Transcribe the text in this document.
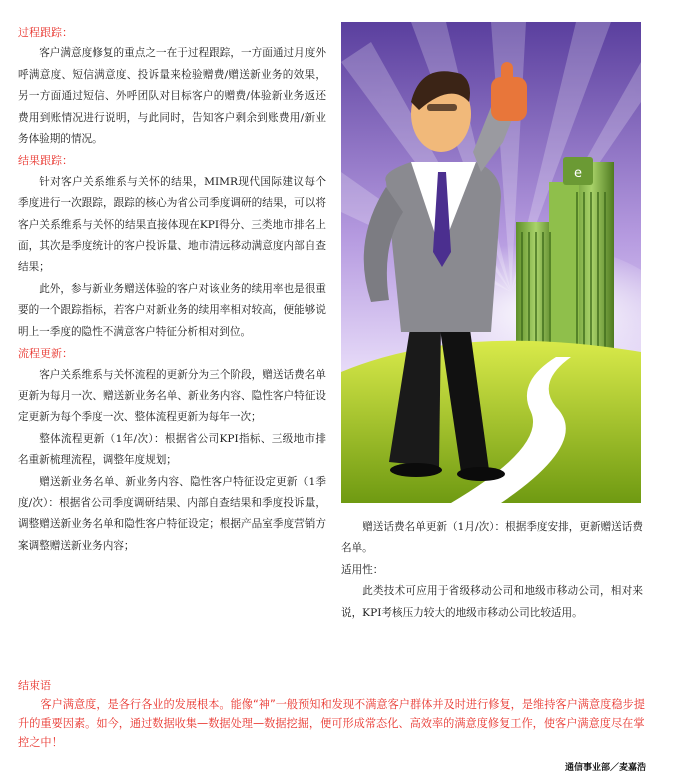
过程跟踪：

客户满意度修复的重点之一在于过程跟踪，一方面通过月度外呼满意度、短信满意度、投诉量来检验赠费/赠送新业务的效果，另一方面通过短信、外呼团队对目标客户的赠费/体验新业务返还费用到账情况进行说明，与此同时，告知客户剩余到账费用/新业务体验期的情况。

结果跟踪：

针对客户关系维系与关怀的结果，MIMR现代国际建议每个季度进行一次跟踪，跟踪的核心为省公司季度调研的结果，可以将客户关系维系与关怀的结果直接体现在KPI得分、三类地市排名上面，其次是季度统计的客户投诉量、地市清远移动满意度内部自查结果；

此外，参与新业务赠送体验的客户对该业务的续用率也是很重要的一个跟踪指标，若客户对新业务的续用率相对较高，便能够说明上一季度的隐性不满意客户特征分析相对到位。

流程更新：

客户关系维系与关怀流程的更新分为三个阶段，赠送话费名单更新为每月一次、赠送新业务名单、新业务内容、隐性客户特征设定更新为每个季度一次、整体流程更新为每年一次；

整体流程更新（1年/次）：根据省公司KPI指标、三级地市排名重新梳理流程，调整年度规划；

赠送新业务名单、新业务内容、隐性客户特征设定更新（1季度/次）：根据省公司季度调研结果、内部自查结果和季度投诉量，调整赠送新业务名单和隐性客户特征设定；根据产品室季度营销方案调整赠送新业务内容；

e

赠送话费名单更新（1月/次）：根据季度安排，更新赠送话费名单。

适用性：

此类技术可应用于省级移动公司和地级市移动公司，相对来说，KPI考核压力较大的地级市移动公司比较适用。

结束语

客户满意度，是各行各业的发展根本。能像“神”一般预知和发现不满意客户群体并及时进行修复，是维持客户满意度稳步提升的重要因素。如今，通过数据收集—数据处理—数据挖掘，便可形成常态化、高效率的满意度修复工作，使客户满意度尽在掌控之中！

通信事业部／麦嘉浩
